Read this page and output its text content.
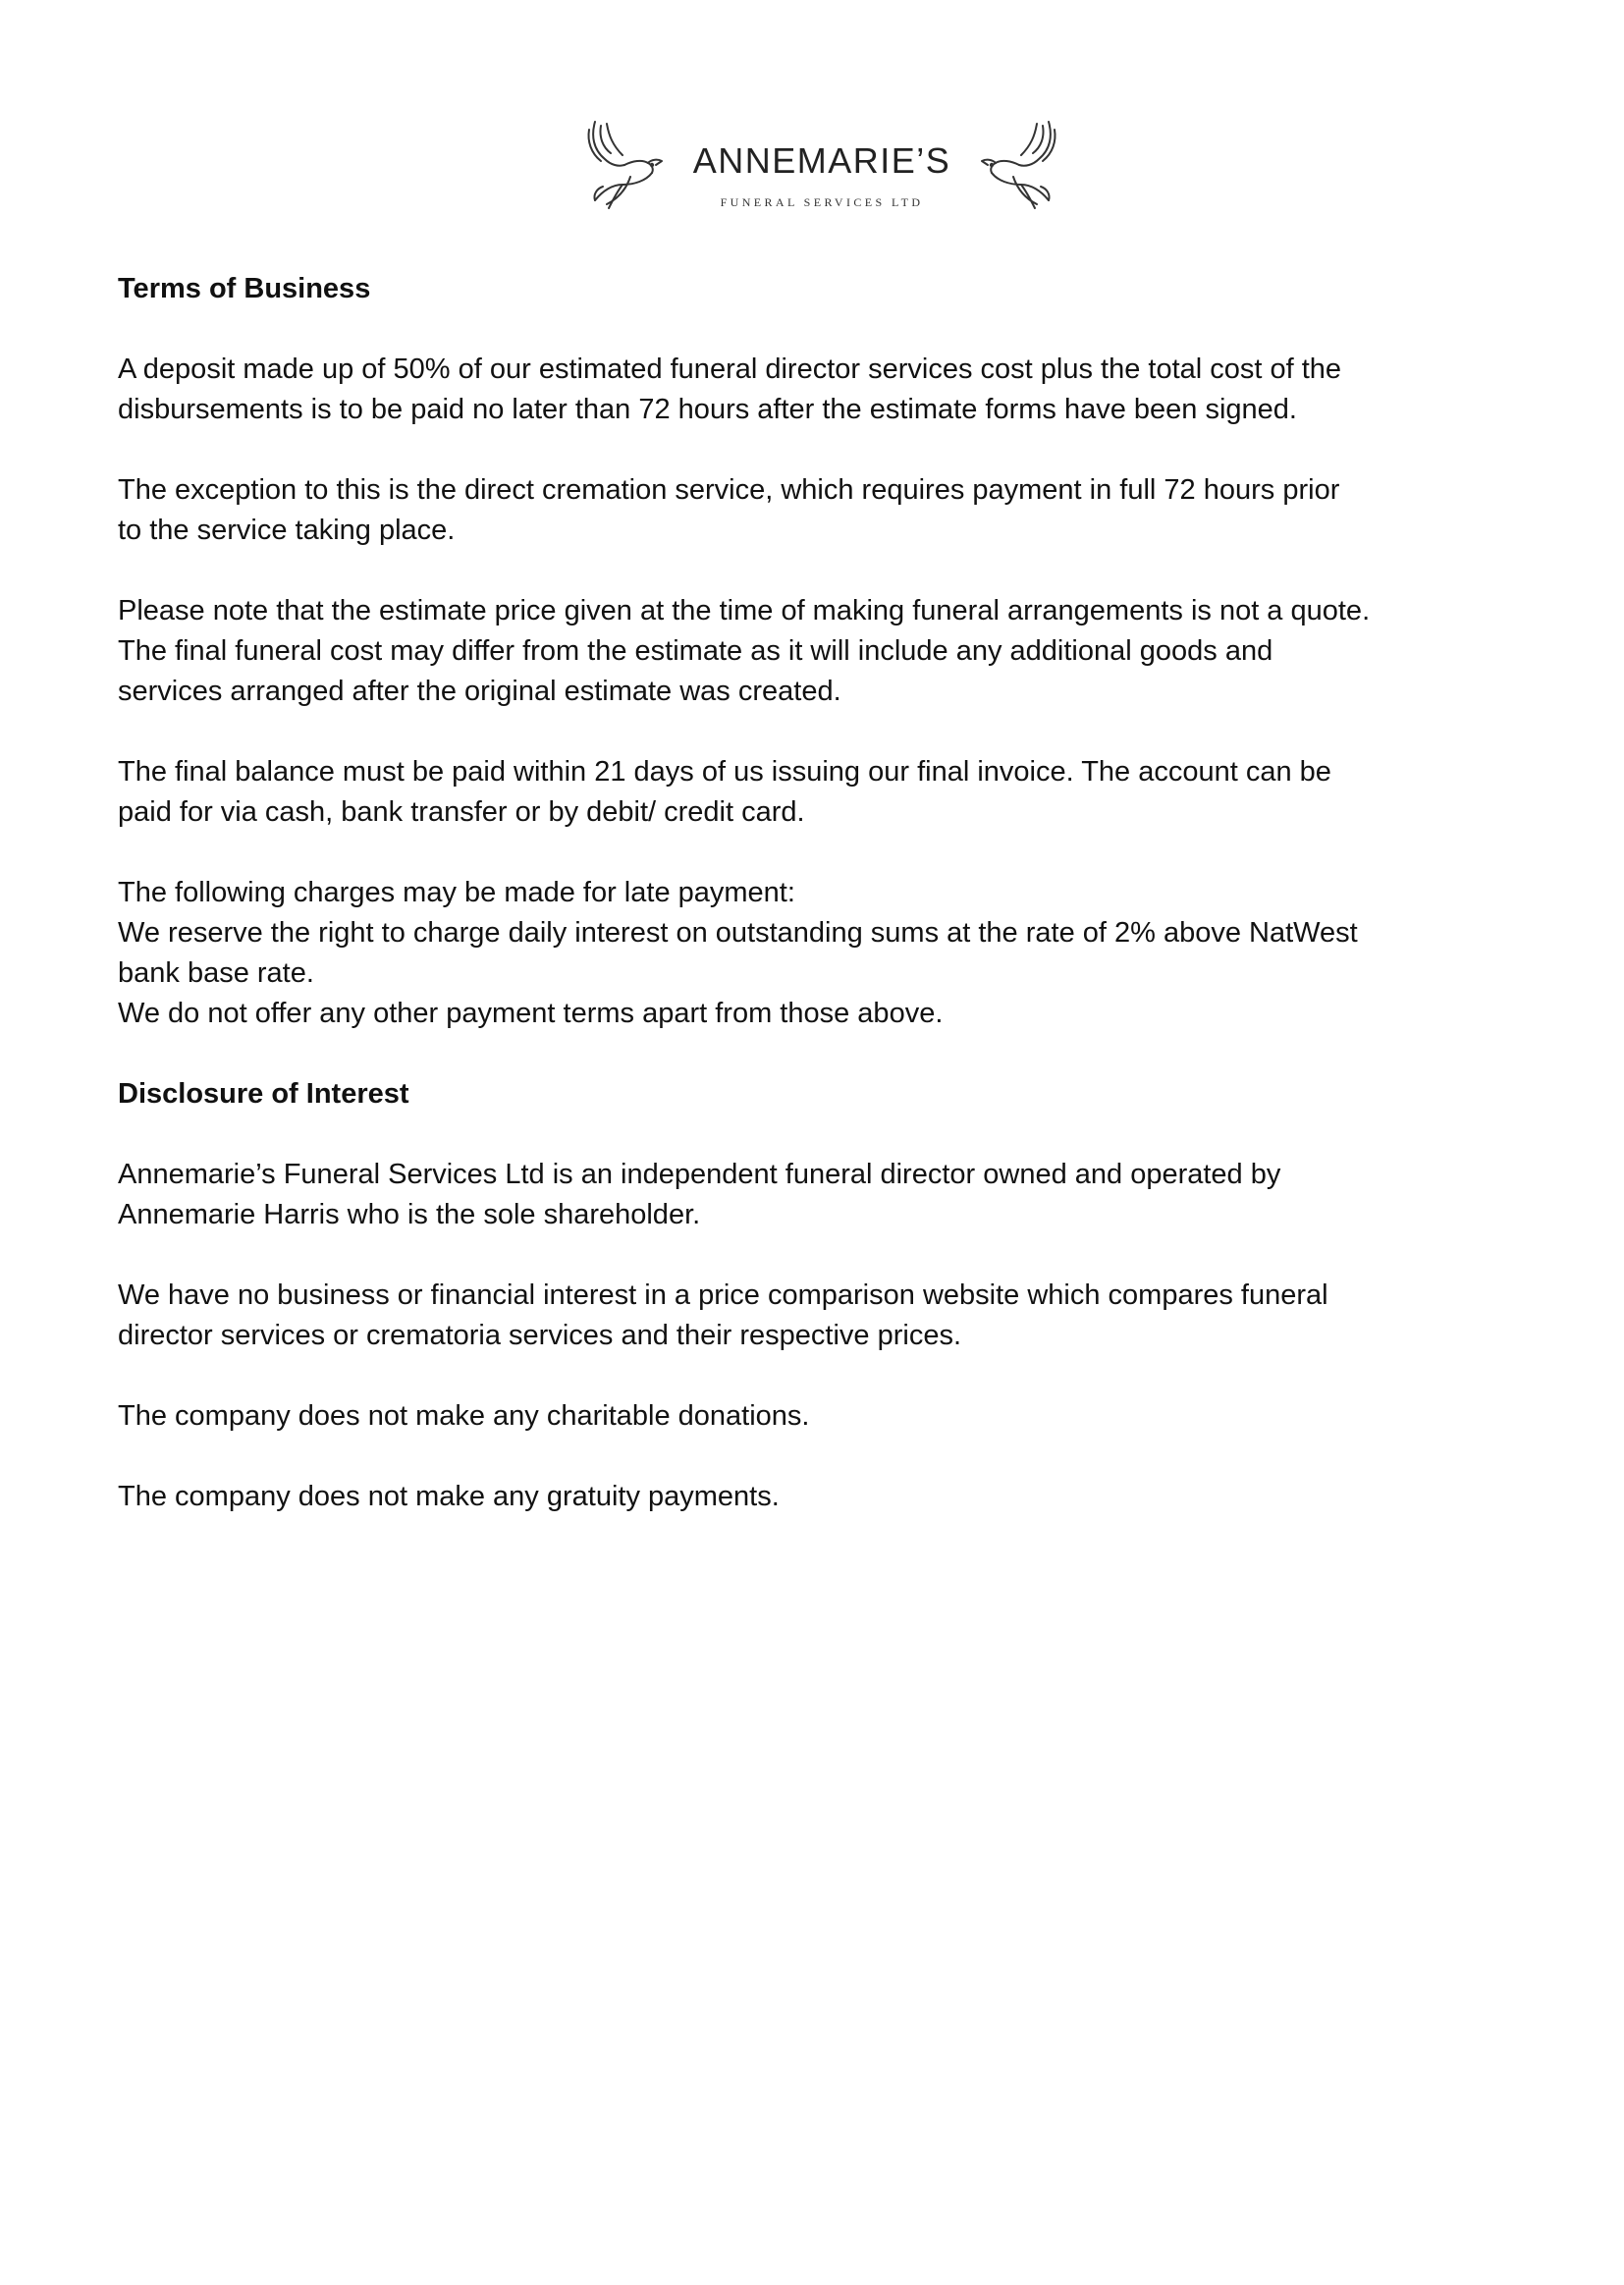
ANNEMARIE’S
FUNERAL SERVICES LTD
Terms of Business
A deposit made up of 50% of our estimated funeral director services cost plus the total cost of the
disbursements is to be paid no later than 72 hours after the estimate forms have been signed.
The exception to this is the direct cremation service, which requires payment in full 72 hours prior
to the service taking place.
Please note that the estimate price given at the time of making funeral arrangements is not a quote.
The final funeral cost may differ from the estimate as it will include any additional goods and
services arranged after the original estimate was created.
The final balance must be paid within 21 days of us issuing our final invoice. The account can be
paid for via cash, bank transfer or by debit/ credit card.
The following charges may be made for late payment:
We reserve the right to charge daily interest on outstanding sums at the rate of 2% above NatWest
bank base rate.
We do not offer any other payment terms apart from those above.
Disclosure of Interest
Annemarie’s Funeral Services Ltd is an independent funeral director owned and operated by
Annemarie Harris who is the sole shareholder.
We have no business or financial interest in a price comparison website which compares funeral
director services or crematoria services and their respective prices.
The company does not make any charitable donations.
The company does not make any gratuity payments.
